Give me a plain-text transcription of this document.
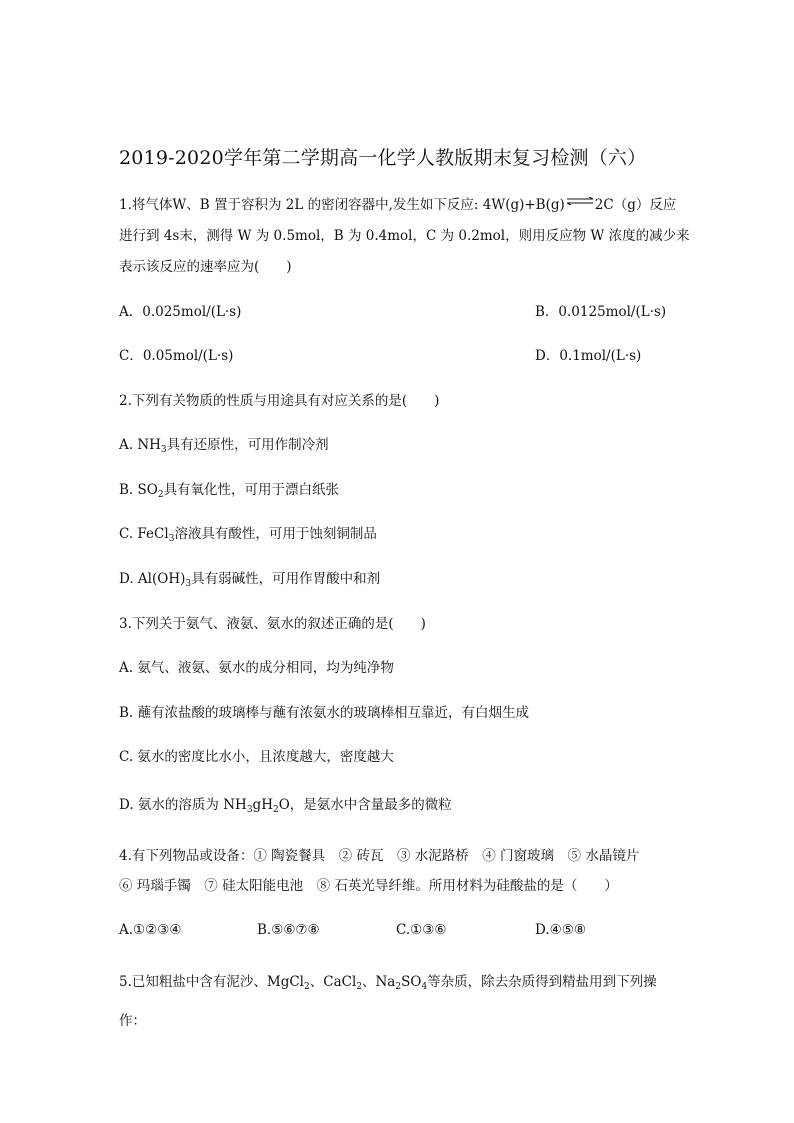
2019-2020学年第二学期高一化学人教版期末复习检测（六）
1.将气体W、B 置于容积为 2L 的密闭容器中,发生如下反应: 4W(g)+B(g)⇌2C（g）反应
进行到 4s末，测得 W 为 0.5mol，B 为 0.4mol，C 为 0.2mol，则用反应物 W 浓度的减少来
表示该反应的速率应为(　　)
A．0.025mol/(L·s)	B．0.0125mol/(L·s)
C．0.05mol/(L·s)	D．0.1mol/(L·s)
2.下列有关物质的性质与用途具有对应关系的是(　　)
A. $NH_3$具有还原性，可用作制冷剂
B. $SO_2$具有氧化性，可用于漂白纸张
C. FeCl$_3$溶液具有酸性，可用于蚀刻铜制品
D. $Al(OH)_3$具有弱碱性，可用作胃酸中和剂
3.下列关于氨气、液氨、氨水的叙述正确的是(　　)
A. 氨气、液氨、氨水的成分相同，均为纯净物
B. 蘸有浓盐酸的玻璃棒与蘸有浓氨水的玻璃棒相互靠近，有白烟生成
C. 氨水的密度比水小，且浓度越大，密度越大
D. 氨水的溶质为 $NH_3gH_2O$，是氨水中含量最多的微粒
4.有下列物品或设备：① 陶瓷餐具　② 砖瓦　③ 水泥路桥　④ 门窗玻璃　⑤ 水晶镜片
⑥ 玛瑙手镯　⑦ 硅太阳能电池　⑧ 石英光导纤维。所用材料为硅酸盐的是（　　）
A.①②③④	B.⑤⑥⑦⑧	C.①③⑥	D.④⑤⑧
5.已知粗盐中含有泥沙、MgCl$_2$、CaCl$_2$、$Na_2SO_4$等杂质，除去杂质得到精盐用到下列操
作：
